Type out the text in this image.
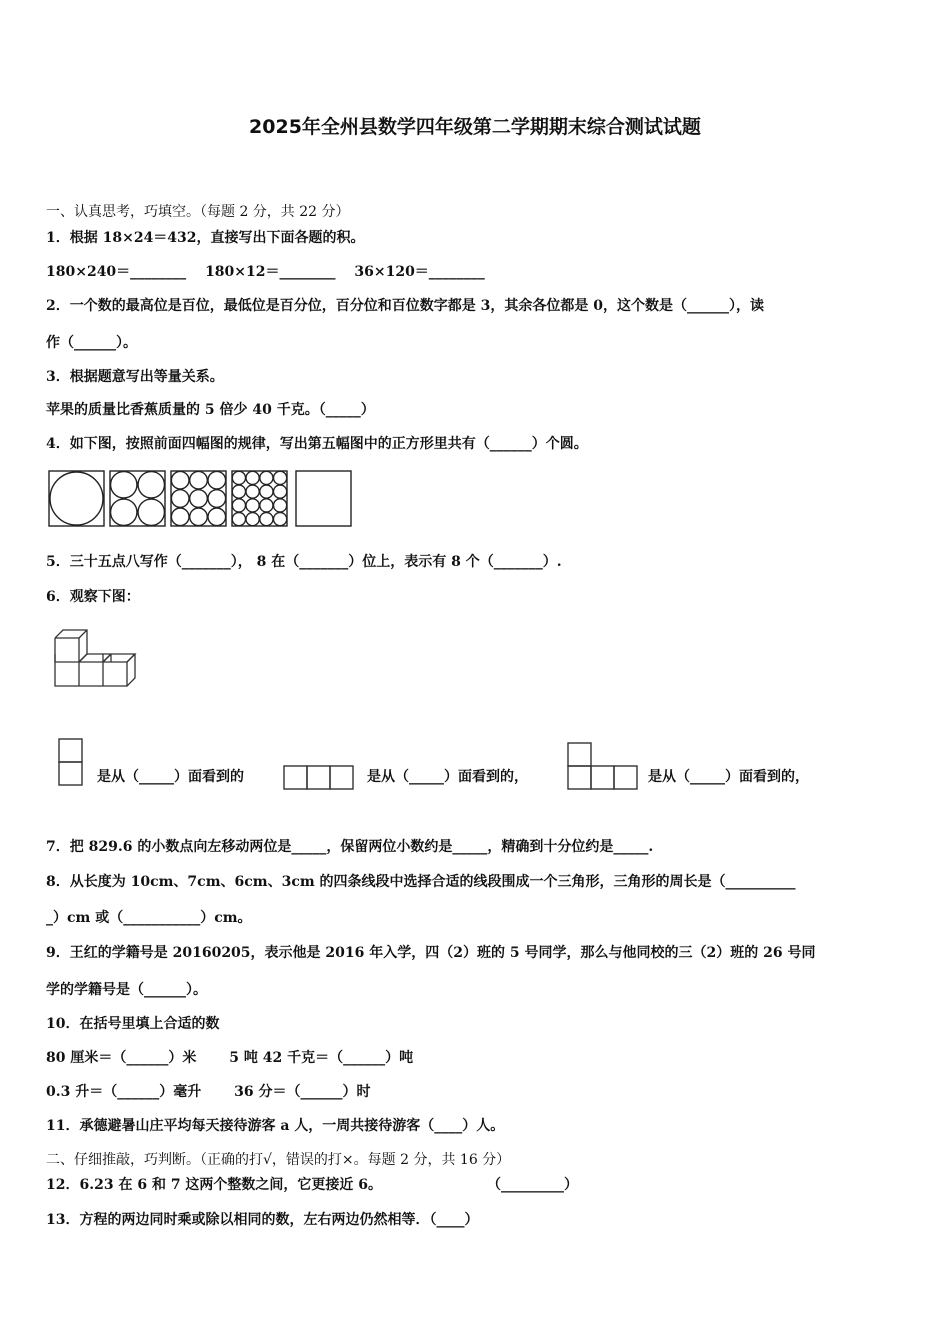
2025年全州县数学四年级第二学期期末综合测试试题
一、认真思考，巧填空。（每题 2 分，共 22 分）
1．根据 18×24＝432，直接写出下面各题的积。
180×240＝________ 180×12＝________ 36×120＝________
2．一个数的最高位是百位，最低位是百分位，百分位和百位数字都是 3，其余各位都是 0，这个数是（______），读
作（______）。
3．根据题意写出等量关系。
苹果的质量比香蕉质量的 5 倍少 40 千克。（_____）
4．如下图，按照前面四幅图的规律，写出第五幅图中的正方形里共有（______）个圆。
5．三十五点八写作（_______）， 8 在（_______）位上，表示有 8 个（_______）.
6．观察下图：
是从（_____）面看到的	是从（_____）面看到的，	是从（_____）面看到的，
7．把 829.6 的小数点向左移动两位是_____，保留两位小数约是_____，精确到十分位约是_____.
8．从长度为 10cm、7cm、6cm、3cm 的四条线段中选择合适的线段围成一个三角形，三角形的周长是（__________
_）cm 或（___________）cm。
9．王红的学籍号是 20160205，表示他是 2016 年入学，四（2）班的 5 号同学，那么与他同校的三（2）班的 26 号同
学的学籍号是（______）。
10．在括号里填上合适的数
80 厘米＝（______）米 5 吨 42 千克＝（______）吨
0.3 升＝（______）毫升 36 分＝（______）时
11．承德避暑山庄平均每天接待游客 a 人，一周共接待游客（____）人。
二、仔细推敲，巧判断。（正确的打√，错误的打×。每题 2 分，共 16 分）
12．6.23 在 6 和 7 这两个整数之间，它更接近 6。	（_________）
13．方程的两边同时乘或除以相同的数，左右两边仍然相等．（____）
